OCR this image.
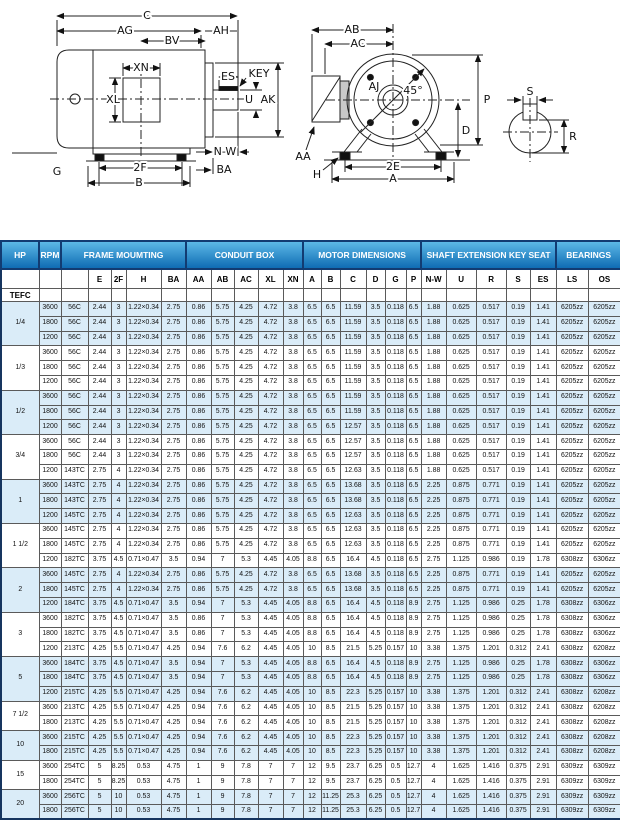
C
AG	AH
BV
XN
XL
ES KEY
U AK
N-W
BA
G	2F
B
AB
AC
AJ 45°
P
D
AA
H
2E
A
S
R
HP	RPM	FRAME MOUMTING					CONDUIT BOX					MOTOR DIMENSIONS						SHAFT EXTENSION KEY SEAT					BEARINGS	
			E	2F	H	BA	AA	AB	AC	XL	XN	A	B	C	D	G	P	N-W	U	R	S	ES	LS	OS
TEFC																								
1/4	3600	56C	2.44	3	1.22×0.34	2.75	0.86	5.75	4.25	4.72	3.8	6.5	6.5	11.59	3.5	0.118	6.5	1.88	0.625	0.517	0.19	1.41	6205zz	6205zz
	1800	56C	2.44	3	1.22×0.34	2.75	0.86	5.75	4.25	4.72	3.8	6.5	6.5	11.59	3.5	0.118	6.5	1.88	0.625	0.517	0.19	1.41	6205zz	6205zz
	1200	56C	2.44	3	1.22×0.34	2.75	0.86	5.75	4.25	4.72	3.8	6.5	6.5	11.59	3.5	0.118	6.5	1.88	0.625	0.517	0.19	1.41	6205zz	6205zz
1/3	3600	56C	2.44	3	1.22×0.34	2.75	0.86	5.75	4.25	4.72	3.8	6.5	6.5	11.59	3.5	0.118	6.5	1.88	0.625	0.517	0.19	1.41	6205zz	6205zz
	1800	56C	2.44	3	1.22×0.34	2.75	0.86	5.75	4.25	4.72	3.8	6.5	6.5	11.59	3.5	0.118	6.5	1.88	0.625	0.517	0.19	1.41	6205zz	6205zz
	1200	56C	2.44	3	1.22×0.34	2.75	0.86	5.75	4.25	4.72	3.8	6.5	6.5	11.59	3.5	0.118	6.5	1.88	0.625	0.517	0.19	1.41	6205zz	6205zz
1/2	3600	56C	2.44	3	1.22×0.34	2.75	0.86	5.75	4.25	4.72	3.8	6.5	6.5	11.59	3.5	0.118	6.5	1.88	0.625	0.517	0.19	1.41	6205zz	6205zz
	1800	56C	2.44	3	1.22×0.34	2.75	0.86	5.75	4.25	4.72	3.8	6.5	6.5	11.59	3.5	0.118	6.5	1.88	0.625	0.517	0.19	1.41	6205zz	6205zz
	1200	56C	2.44	3	1.22×0.34	2.75	0.86	5.75	4.25	4.72	3.8	6.5	6.5	12.57	3.5	0.118	6.5	1.88	0.625	0.517	0.19	1.41	6205zz	6205zz
3/4	3600	56C	2.44	3	1.22×0.34	2.75	0.86	5.75	4.25	4.72	3.8	6.5	6.5	12.57	3.5	0.118	6.5	1.88	0.625	0.517	0.19	1.41	6205zz	6205zz
	1800	56C	2.44	3	1.22×0.34	2.75	0.86	5.75	4.25	4.72	3.8	6.5	6.5	12.57	3.5	0.118	6.5	1.88	0.625	0.517	0.19	1.41	6205zz	6205zz
	1200	143TC	2.75	4	1.22×0.34	2.75	0.86	5.75	4.25	4.72	3.8	6.5	6.5	12.63	3.5	0.118	6.5	1.88	0.625	0.517	0.19	1.41	6205zz	6205zz
1	3600	143TC	2.75	4	1.22×0.34	2.75	0.86	5.75	4.25	4.72	3.8	6.5	6.5	13.68	3.5	0.118	6.5	2.25	0.875	0.771	0.19	1.41	6205zz	6205zz
	1800	143TC	2.75	4	1.22×0.34	2.75	0.86	5.75	4.25	4.72	3.8	6.5	6.5	13.68	3.5	0.118	6.5	2.25	0.875	0.771	0.19	1.41	6205zz	6205zz
	1200	145TC	2.75	4	1.22×0.34	2.75	0.86	5.75	4.25	4.72	3.8	6.5	6.5	12.63	3.5	0.118	6.5	2.25	0.875	0.771	0.19	1.41	6205zz	6205zz
1 1/2	3600	145TC	2.75	4	1.22×0.34	2.75	0.86	5.75	4.25	4.72	3.8	6.5	6.5	12.63	3.5	0.118	6.5	2.25	0.875	0.771	0.19	1.41	6205zz	6205zz
	1800	145TC	2.75	4	1.22×0.34	2.75	0.86	5.75	4.25	4.72	3.8	6.5	6.5	12.63	3.5	0.118	6.5	2.25	0.875	0.771	0.19	1.41	6205zz	6205zz
	1200	182TC	3.75	4.5	0.71×0.47	3.5	0.94	7	5.3	4.45	4.05	8.8	6.5	16.4	4.5	0.118	6.5	2.75	1.125	0.986	0.19	1.78	6308zz	6306zz
2	3600	145TC	2.75	4	1.22×0.34	2.75	0.86	5.75	4.25	4.72	3.8	6.5	6.5	13.68	3.5	0.118	6.5	2.25	0.875	0.771	0.19	1.41	6205zz	6205zz
	1800	145TC	2.75	4	1.22×0.34	2.75	0.86	5.75	4.25	4.72	3.8	6.5	6.5	13.68	3.5	0.118	6.5	2.25	0.875	0.771	0.19	1.41	6205zz	6205zz
	1200	184TC	3.75	4.5	0.71×0.47	3.5	0.94	7	5.3	4.45	4.05	8.8	6.5	16.4	4.5	0.118	8.9	2.75	1.125	0.986	0.25	1.78	6308zz	6306zz
3	3600	182TC	3.75	4.5	0.71×0.47	3.5	0.86	7	5.3	4.45	4.05	8.8	6.5	16.4	4.5	0.118	8.9	2.75	1.125	0.986	0.25	1.78	6308zz	6306zz
	1800	182TC	3.75	4.5	0.71×0.47	3.5	0.86	7	5.3	4.45	4.05	8.8	6.5	16.4	4.5	0.118	8.9	2.75	1.125	0.986	0.25	1.78	6308zz	6306zz
	1200	213TC	4.25	5.5	0.71×0.47	4.25	0.94	7.6	6.2	4.45	4.05	10	8.5	21.5	5.25	0.157	10	3.38	1.375	1.201	0.312	2.41	6308zz	6208zz
5	3600	184TC	3.75	4.5	0.71×0.47	3.5	0.94	7	5.3	4.45	4.05	8.8	6.5	16.4	4.5	0.118	8.9	2.75	1.125	0.986	0.25	1.78	6308zz	6306zz
	1800	184TC	3.75	4.5	0.71×0.47	3.5	0.94	7	5.3	4.45	4.05	8.8	6.5	16.4	4.5	0.118	8.9	2.75	1.125	0.986	0.25	1.78	6308zz	6306zz
	1200	215TC	4.25	5.5	0.71×0.47	4.25	0.94	7.6	6.2	4.45	4.05	10	8.5	22.3	5.25	0.157	10	3.38	1.375	1.201	0.312	2.41	6308zz	6208zz
7 1/2	3600	213TC	4.25	5.5	0.71×0.47	4.25	0.94	7.6	6.2	4.45	4.05	10	8.5	21.5	5.25	0.157	10	3.38	1.375	1.201	0.312	2.41	6308zz	6208zz
	1800	213TC	4.25	5.5	0.71×0.47	4.25	0.94	7.6	6.2	4.45	4.05	10	8.5	21.5	5.25	0.157	10	3.38	1.375	1.201	0.312	2.41	6308zz	6208zz
10	3600	215TC	4.25	5.5	0.71×0.47	4.25	0.94	7.6	6.2	4.45	4.05	10	8.5	22.3	5.25	0.157	10	3.38	1.375	1.201	0.312	2.41	6308zz	6208zz
	1800	215TC	4.25	5.5	0.71×0.47	4.25	0.94	7.6	6.2	4.45	4.05	10	8.5	22.3	5.25	0.157	10	3.38	1.375	1.201	0.312	2.41	6308zz	6208zz
15	3600	254TC	5	8.25	0.53	4.75	1	9	7.8	7	7	12	9.5	23.7	6.25	0.5	12.7	4	1.625	1.416	0.375	2.91	6309zz	6309zz
	1800	254TC	5	8.25	0.53	4.75	1	9	7.8	7	7	12	9.5	23.7	6.25	0.5	12.7	4	1.625	1.416	0.375	2.91	6309zz	6309zz
20	3600	256TC	5	10	0.53	4.75	1	9	7.8	7	7	12	11.25	25.3	6.25	0.5	12.7	4	1.625	1.416	0.375	2.91	6309zz	6309zz
	1800	256TC	5	10	0.53	4.75	1	9	7.8	7	7	12	11.25	25.3	6.25	0.5	12.7	4	1.625	1.416	0.375	2.91	6309zz	6309zz
